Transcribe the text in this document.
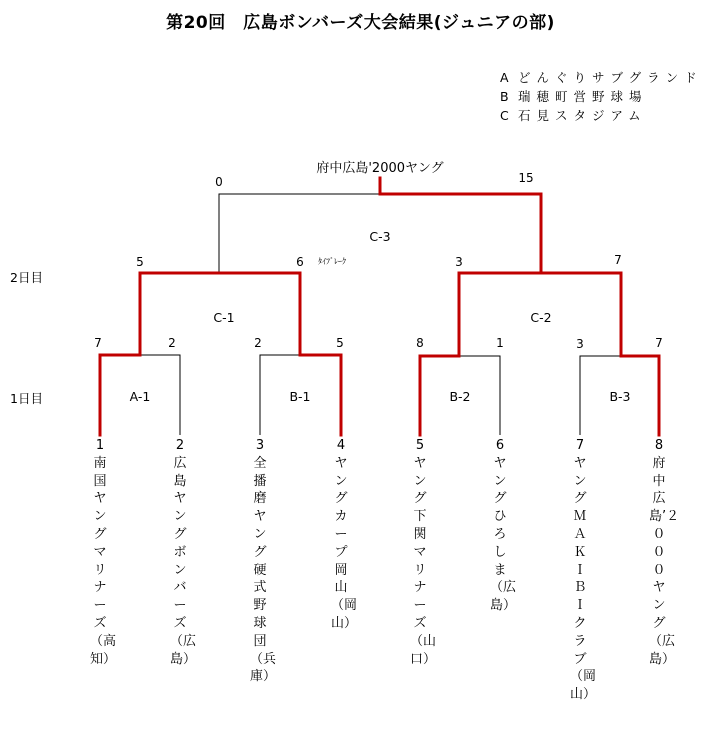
第20回　広島ボンバーズ大会結果(ジュニアの部)
A どんぐりサブグランド
B 瑞穂町営野球場
C 石見スタジアム
2日目
1日目
府中広島'2000ヤング
0	15
C-3
5	6 ﾀｲﾌﾞﾚｰｸ
C-1
3	7
C-2
7	2
A-1
2	5
B-1
8	1
B-2
3	7
B-3
1南国ヤングマリナーズ（高知）
2広島ヤングボンバーズ（広島）
3全播磨ヤング硬式野球団（兵庫）
4ヤングカープ岡山（岡山）
5ヤング下関マリナーズ（山口）
6ヤングひろしま（広島）
7ヤングＭＡＫＩＢＩクラブ（岡山）
8府中広島’２０００ヤング（広島）
